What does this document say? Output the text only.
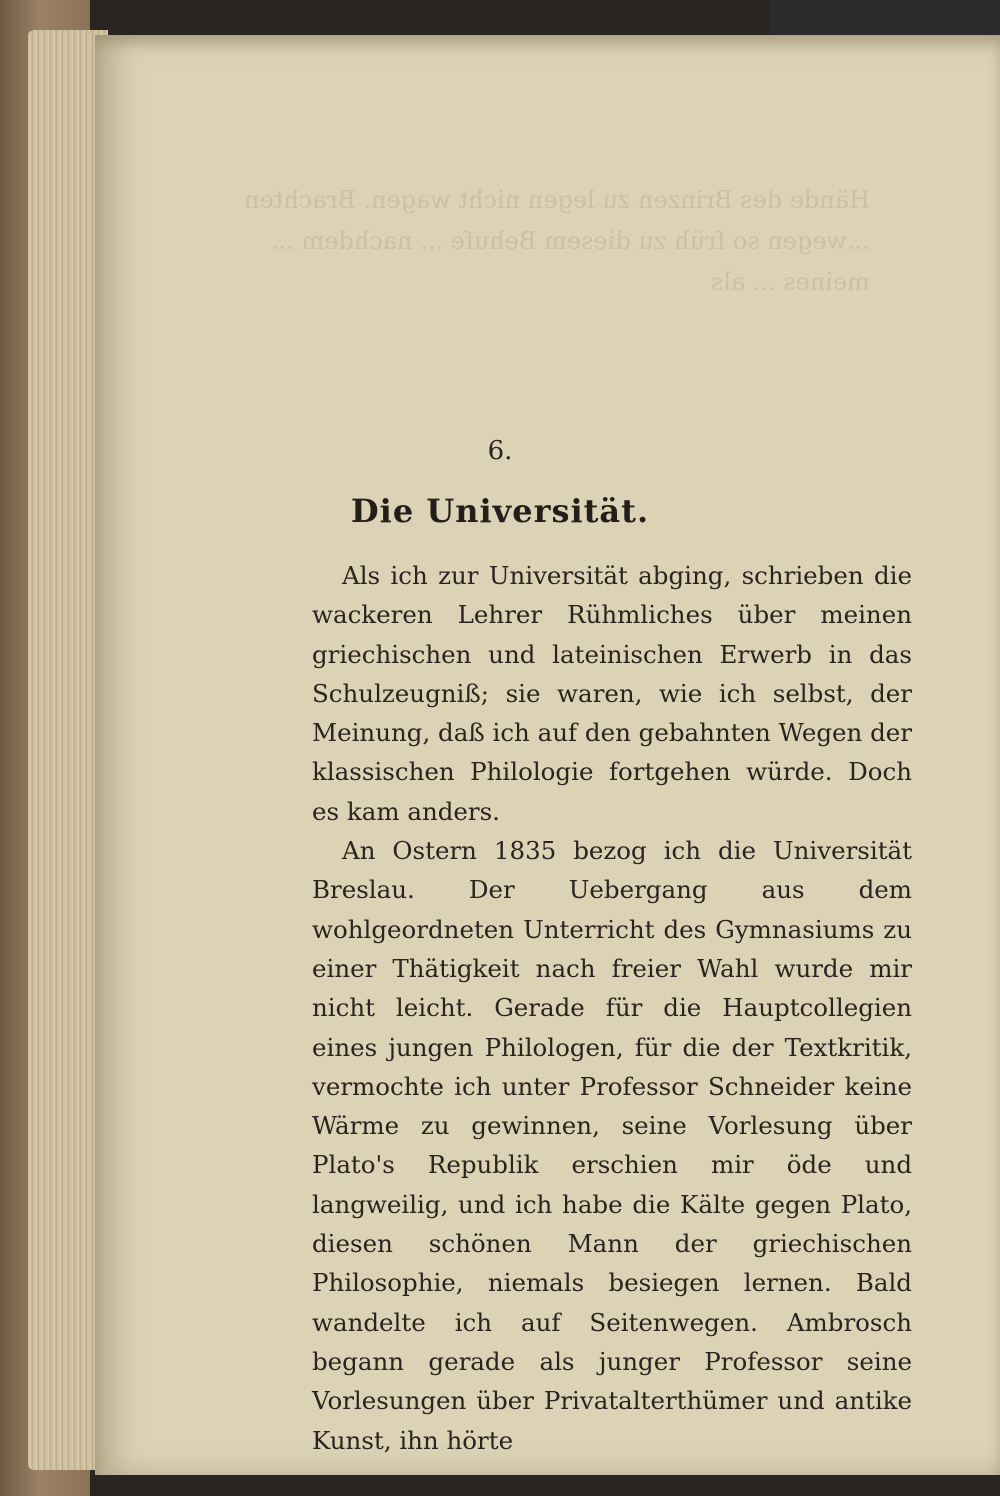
Hände des Brinzen zu legen nicht wagen. Brachten ...wegen so früh zu diesem Behufe ... nachdem ... meines ... als
6.
Die Universität.

Als ich zur Universität abging, schrieben die wackeren Lehrer Rühmliches über meinen griechischen und lateinischen Erwerb in das Schulzeugniß; sie waren, wie ich selbst, der Meinung, daß ich auf den gebahnten Wegen der klassischen Philologie fortgehen würde. Doch es kam anders.

An Ostern 1835 bezog ich die Universität Breslau. Der Uebergang aus dem wohlgeordneten Unterricht des Gymnasiums zu einer Thätigkeit nach freier Wahl wurde mir nicht leicht. Gerade für die Hauptcollegien eines jungen Philologen, für die der Textkritik, vermochte ich unter Professor Schneider keine Wärme zu gewinnen, seine Vorlesung über Plato's Republik erschien mir öde und langweilig, und ich habe die Kälte gegen Plato, diesen schönen Mann der griechischen Philosophie, niemals besiegen lernen. Bald wandelte ich auf Seitenwegen. Ambrosch begann gerade als junger Professor seine Vorlesungen über Privatalterthümer und antike Kunst, ihn hörte
